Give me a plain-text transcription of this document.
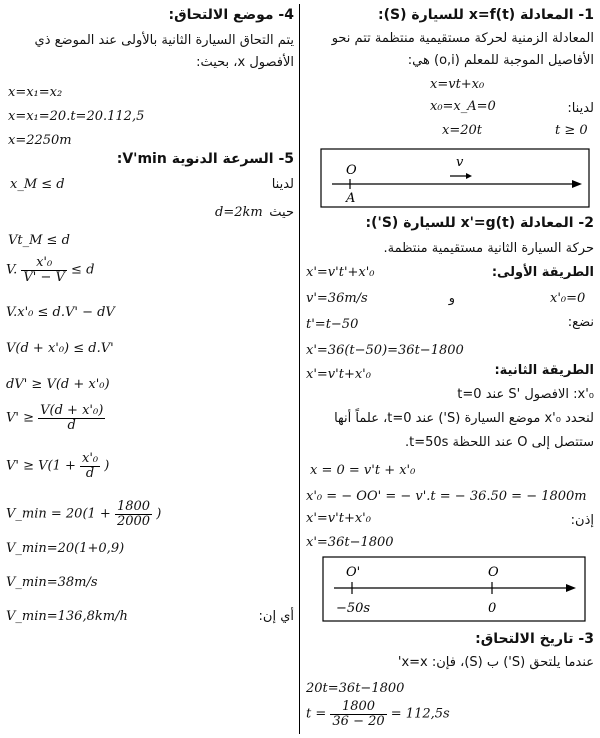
4- موضع الالتحاق:
يتم التحاق السيارة الثانية بالأولى عند الموضع ذي
الأفصول x، بحيث:
x=x₁=x₂
x=x₁=20.t=20.112,5
x=2250m
5- السرعة الدنوية V'min:
لدينا
x_M ≤ d
حيث
d=2km
Vt_M ≤ d
V. $\frac{\text{x'₀}}{V' - V} \le d$
V.x'₀ ≤ d.V' − dV
V(d + x'₀) ≤ d.V'
dV' ≥ V(d + x'₀)
$V' \ge \frac{\text{V(d + x'₀)}}{d}$
$V' \ge V(1 + \frac{\text{x'₀}}{d}$ )
V_min = $20(1 + \frac{1800}{2000}$ )
V_min=20(1+0,9)
V_min=38m/s
أي إن:
V_min=136,8km/h
1- المعادلة x=f(t) للسيارة (S):
المعادلة الزمنية لحركة مستقيمية منتظمة تتم نحو
الأفاصيل الموجبة للمعلم (o,i) هي:
x=vt+x₀
لدينا:
x₀=x_A=0
x=20t	t ≥ 0
O
A
v
2- المعادلة x'=g(t) للسيارة (S'):
حركة السيارة الثانية مستقيمية منتظمة.
الطريقة الأولى:
x'=v't'+x'₀
v'=36m/s	و	x'₀=0
نضع:
t'=t−50
x'=36(t−50)=36t−1800
الطريقة الثانية:
x'=v't+x'₀
t=0 عند S' الافصول :x'₀
لنحدد x'₀ موضع السيارة (S') عند t=0، علماً أنها
ستتصل إلى O عند اللحظة t=50s.
x = 0 = v't + x'₀
x'₀ = − OO' = − v'.t = − 36.50 = − 1800m
إذن:
x'=v't+x'₀
x'=36t−1800
O'	O
−50s	0
3- تاريخ الالتحاق:
عندما يلتحق (S') ب (S)، فإن: x=x'
20t=36t−1800
$t = \frac{1800}{36 - 20} = 112,5s$
